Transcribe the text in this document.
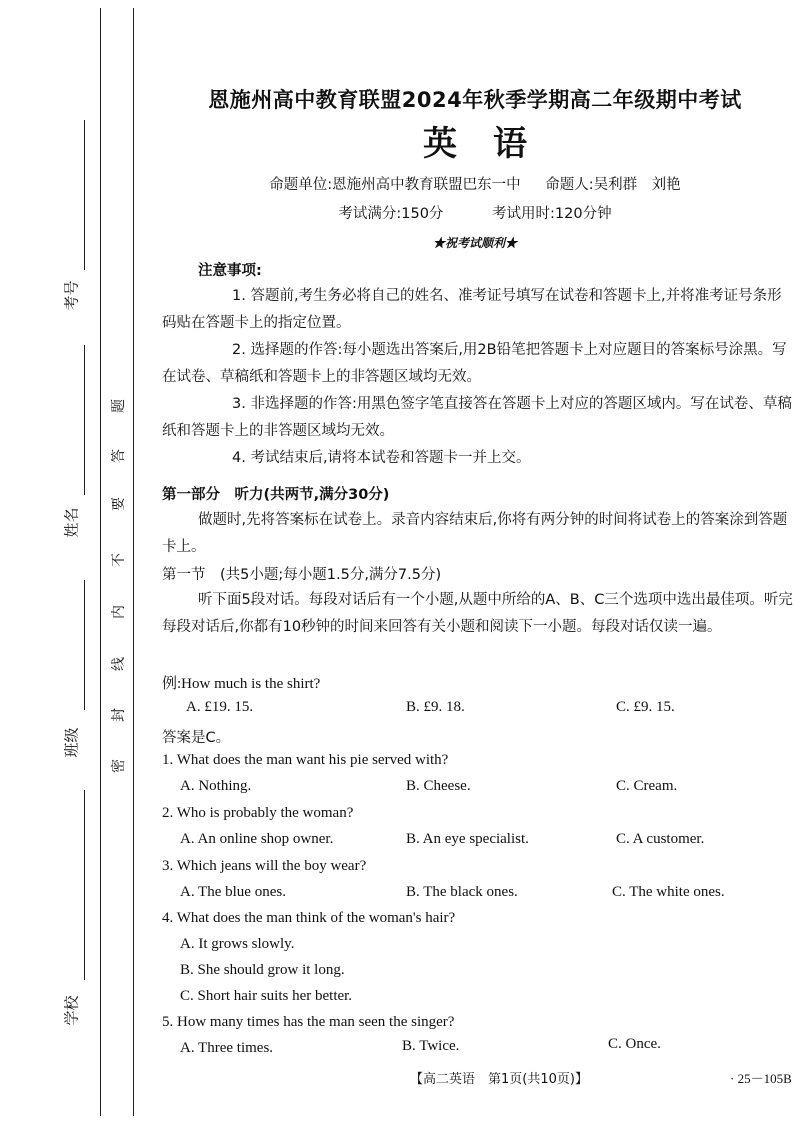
考号
姓名
班级
学校
题
答
要
不
内
线
封
密
恩施州高中教育联盟2024年秋季学期高二年级期中考试
英语
命题单位:恩施州高中教育联盟巴东一中 命题人:吴利群　刘艳
考试满分:150分	考试用时:120分钟
★祝考试顺利★
注意事项:

1. 答题前,考生务必将自己的姓名、准考证号填写在试卷和答题卡上,并将准考证号条形码贴在答题卡上的指定位置。

2. 选择题的作答:每小题选出答案后,用2B铅笔把答题卡上对应题目的答案标号涂黑。写在试卷、草稿纸和答题卡上的非答题区域均无效。

3. 非选择题的作答:用黑色签字笔直接答在答题卡上对应的答题区域内。写在试卷、草稿纸和答题卡上的非答题区域均无效。

4. 考试结束后,请将本试卷和答题卡一并上交。

第一部分　听力(共两节,满分30分)

做题时,先将答案标在试卷上。录音内容结束后,你将有两分钟的时间将试卷上的答案涂到答题卡上。

第一节　(共5小题;每小题1.5分,满分7.5分)

听下面5段对话。每段对话后有一个小题,从题中所给的A、B、C三个选项中选出最佳项。听完每段对话后,你都有10秒钟的时间来回答有关小题和阅读下一小题。每段对话仅读一遍。

例:How much is the shirt?
A. £19. 15.	B. £9. 18.	C. £9. 15.
答案是C。
1. What does the man want his pie served with?
A. Nothing.	B. Cheese.	C. Cream.
2. Who is probably the woman?
A. An online shop owner.	B. An eye specialist.	C. A customer.
3. Which jeans will the boy wear?
A. The blue ones.	B. The black ones.	C. The white ones.
4. What does the man think of the woman's hair?
A. It grows slowly.
B. She should grow it long.
C. Short hair suits her better.
5. How many times has the man seen the singer?
A. Three times.	B. Twice.	C. Once.
【高二英语　第1页(共10页)】	· 25－105B
